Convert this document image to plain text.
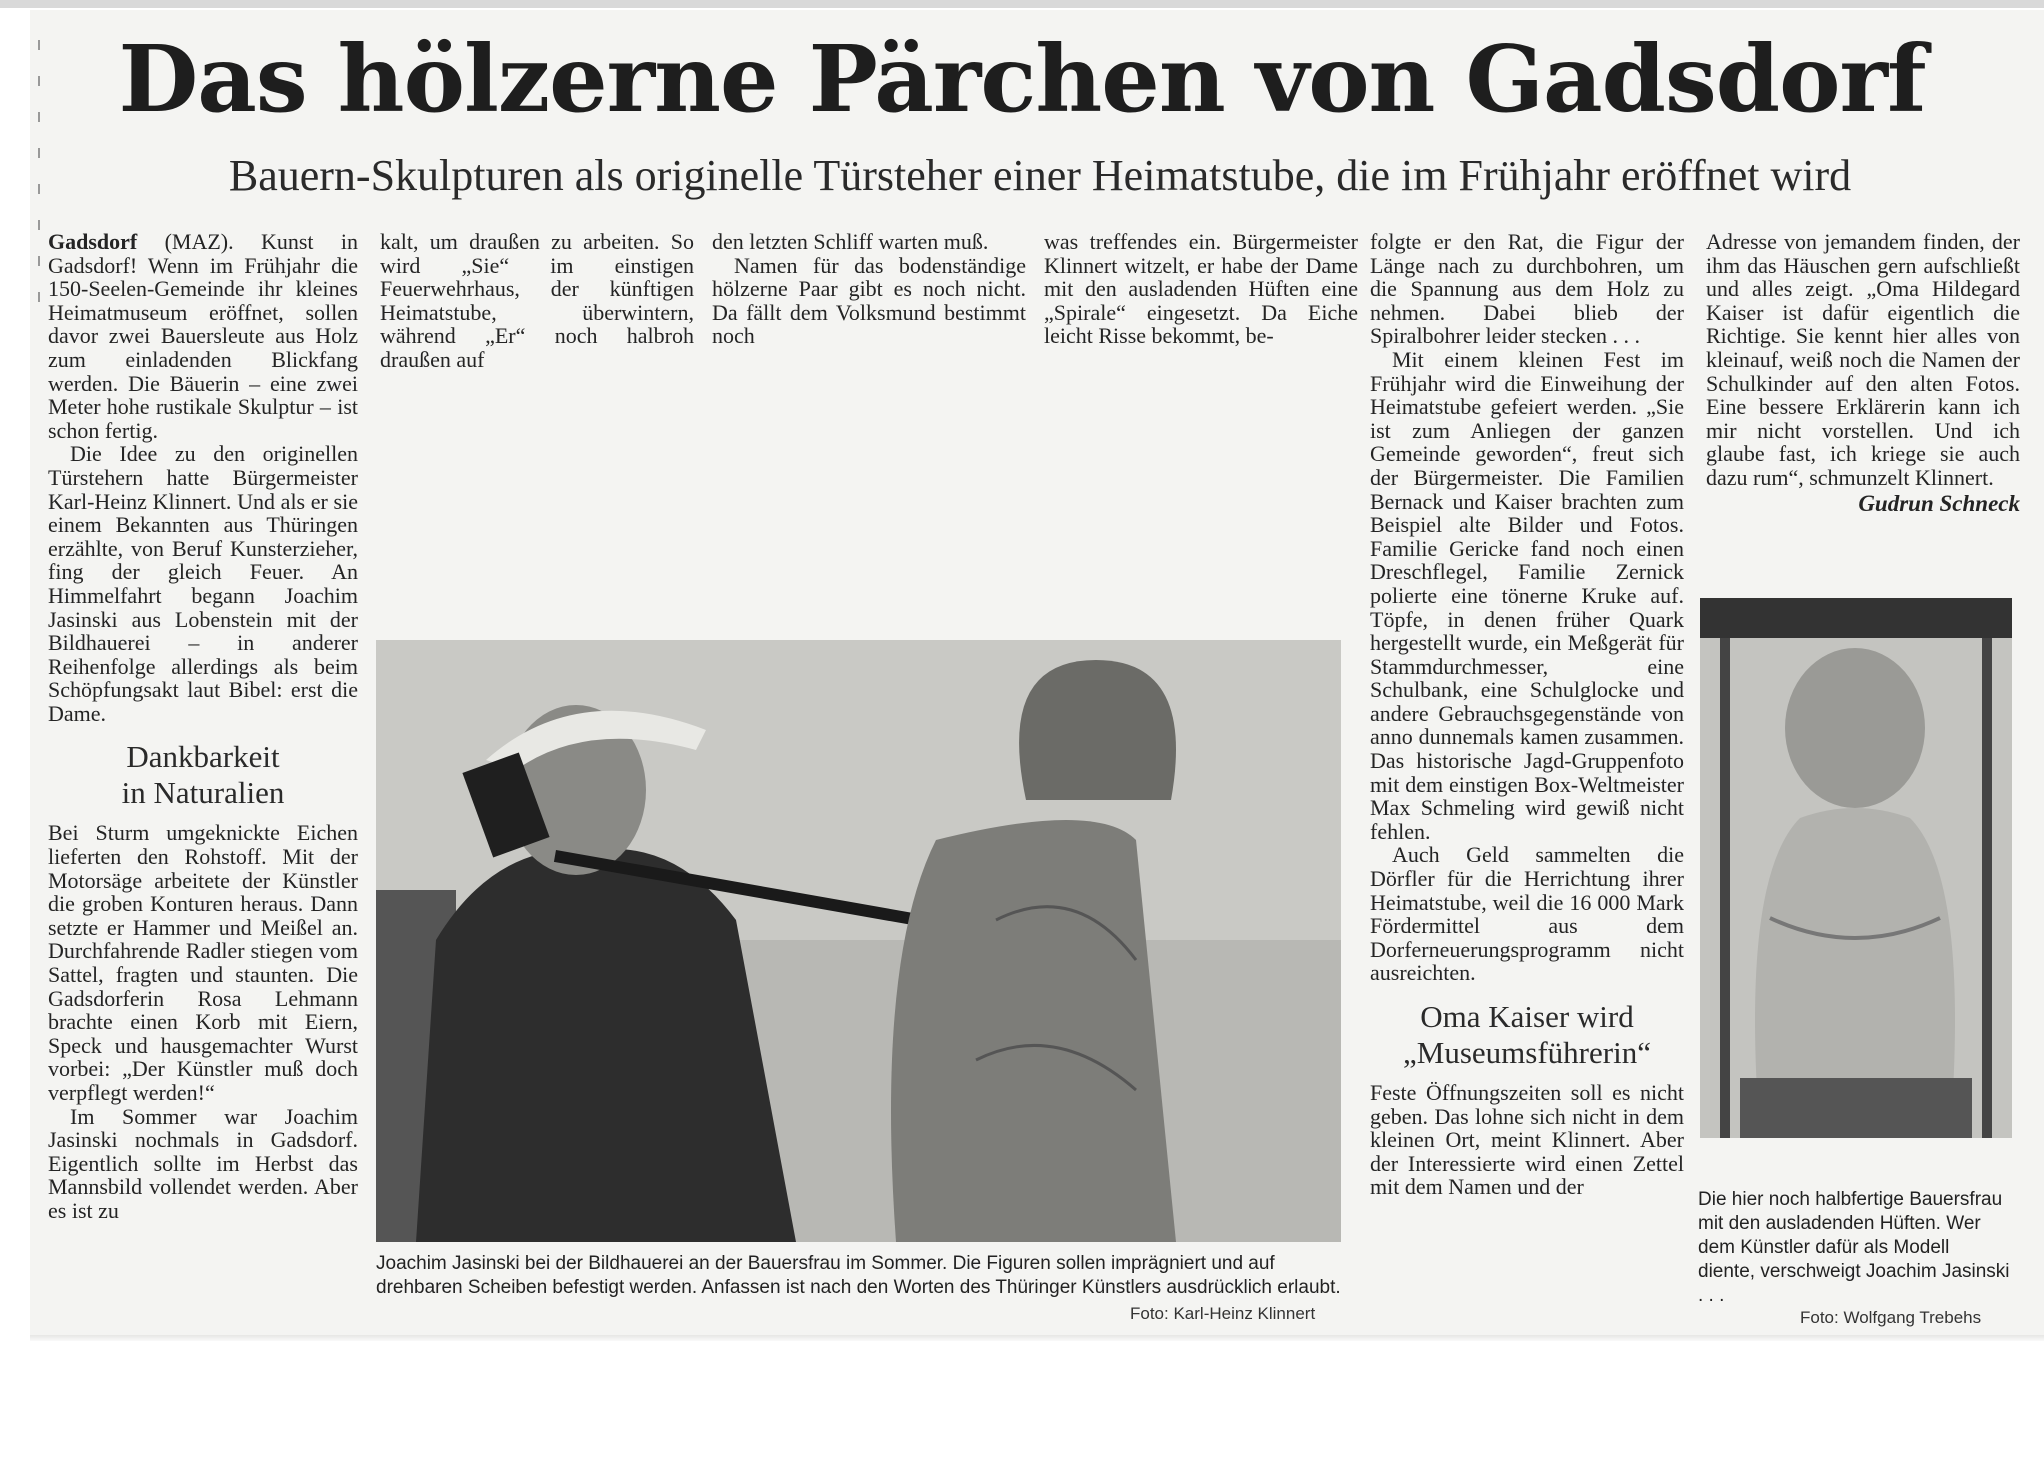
Das hölzerne Pärchen von Gadsdorf

Bauern-Skulpturen als originelle Türsteher einer Heimatstube, die im Frühjahr eröffnet wird

Gadsdorf (MAZ). Kunst in Gadsdorf! Wenn im Frühjahr die 150-Seelen-Gemeinde ihr kleines Heimatmuseum eröffnet, sollen davor zwei Bauersleute aus Holz zum einladenden Blickfang werden. Die Bäuerin – eine zwei Meter hohe rustikale Skulptur – ist schon fertig.

Die Idee zu den originellen Türstehern hatte Bürgermeister Karl-Heinz Klinnert. Und als er sie einem Bekannten aus Thüringen erzählte, von Beruf Kunsterzieher, fing der gleich Feuer. An Himmelfahrt begann Joachim Jasinski aus Lobenstein mit der Bildhauerei – in anderer Reihenfolge allerdings als beim Schöpfungsakt laut Bibel: erst die Dame.

Dankbarkeit
in Naturalien

Bei Sturm umgeknickte Eichen lieferten den Rohstoff. Mit der Motorsäge arbeitete der Künstler die groben Konturen heraus. Dann setzte er Hammer und Meißel an. Durchfahrende Radler stiegen vom Sattel, fragten und staunten. Die Gadsdorferin Rosa Lehmann brachte einen Korb mit Eiern, Speck und hausgemachter Wurst vorbei: „Der Künstler muß doch verpflegt werden!“

Im Sommer war Joachim Jasinski nochmals in Gadsdorf. Eigentlich sollte im Herbst das Mannsbild vollendet werden. Aber es ist zu

kalt, um draußen zu arbeiten. So wird „Sie“ im einstigen Feuerwehrhaus, der künftigen Heimatstube, überwintern, während „Er“ noch halbroh draußen auf

den letzten Schliff warten muß.

Namen für das bodenständige hölzerne Paar gibt es noch nicht. Da fällt dem Volksmund bestimmt noch

was treffendes ein. Bürgermeister Klinnert witzelt, er habe der Dame mit den ausladenden Hüften eine „Spirale“ eingesetzt. Da Eiche leicht Risse bekommt, be-

Joachim Jasinski bei der Bildhauerei an der Bauersfrau im Sommer. Die Figuren sollen imprägniert und auf drehbaren Scheiben befestigt werden. Anfassen ist nach den Worten des Thüringer Künstlers ausdrücklich erlaubt.
Foto: Karl-Heinz Klinnert

folgte er den Rat, die Figur der Länge nach zu durchbohren, um die Spannung aus dem Holz zu nehmen. Dabei blieb der Spiralbohrer leider stecken . . .

Mit einem kleinen Fest im Frühjahr wird die Einweihung der Heimatstube gefeiert werden. „Sie ist zum Anliegen der ganzen Gemeinde geworden“, freut sich der Bürgermeister. Die Familien Bernack und Kaiser brachten zum Beispiel alte Bilder und Fotos. Familie Gericke fand noch einen Dreschflegel, Familie Zernick polierte eine tönerne Kruke auf. Töpfe, in denen früher Quark hergestellt wurde, ein Meßgerät für Stammdurchmesser, eine Schulbank, eine Schulglocke und andere Gebrauchsgegenstände von anno dunnemals kamen zusammen. Das historische Jagd-Gruppenfoto mit dem einstigen Box-Weltmeister Max Schmeling wird gewiß nicht fehlen.

Auch Geld sammelten die Dörfler für die Herrichtung ihrer Heimatstube, weil die 16 000 Mark Fördermittel aus dem Dorferneuerungsprogramm nicht ausreichten.

Oma Kaiser wird
„Museumsführerin“

Feste Öffnungszeiten soll es nicht geben. Das lohne sich nicht in dem kleinen Ort, meint Klinnert. Aber der Interessierte wird einen Zettel mit dem Namen und der

Adresse von jemandem finden, der ihm das Häuschen gern aufschließt und alles zeigt. „Oma Hildegard Kaiser ist dafür eigentlich die Richtige. Sie kennt hier alles von kleinauf, weiß noch die Namen der Schulkinder auf den alten Fotos. Eine bessere Erklärerin kann ich mir nicht vorstellen. Und ich glaube fast, ich kriege sie auch dazu rum“, schmunzelt Klinnert.

Gudrun Schneck
Die hier noch halbfertige Bauersfrau mit den ausladenden Hüften. Wer dem Künstler dafür als Modell diente, verschweigt Joachim Jasinski . . .
Foto: Wolfgang Trebehs
